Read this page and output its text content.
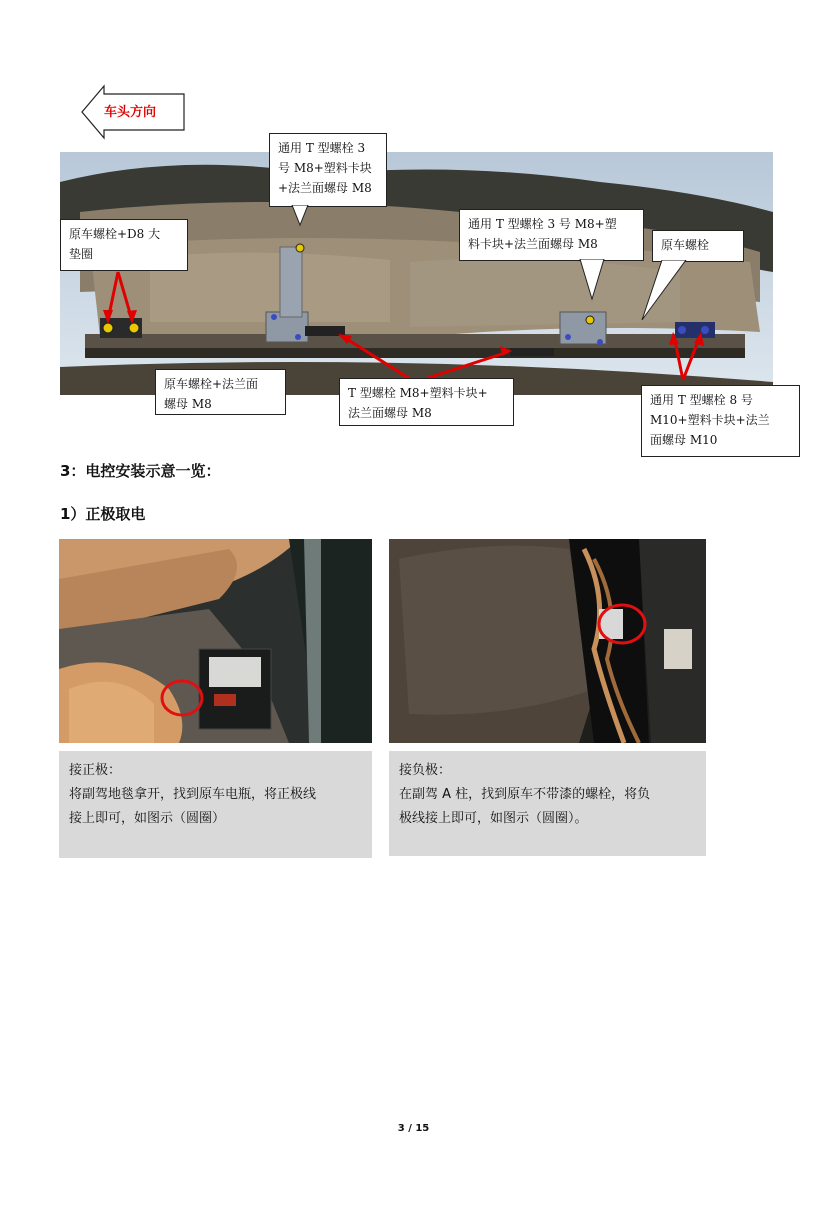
车头方向
通用 T 型螺栓 3
号 M8+塑料卡块
+法兰面螺母 M8
原车螺栓+D8 大
垫圈
通用 T 型螺栓 3 号 M8+塑
料卡块+法兰面螺母 M8	原车螺栓
原车螺栓+法兰面
螺母 M8
T 型螺栓 M8+塑料卡块+
法兰面螺母 M8
通用 T 型螺栓 8 号
M10+塑料卡块+法兰
面螺母 M10
3：电控安装示意一览：
1）正极取电
接正极：
将副驾地毯拿开，找到原车电瓶，将正极线
接上即可，如图示（圆圈）
接负极：
在副驾 A 柱，找到原车不带漆的螺栓，将负
极线接上即可，如图示（圆圈）。
3 / 15
